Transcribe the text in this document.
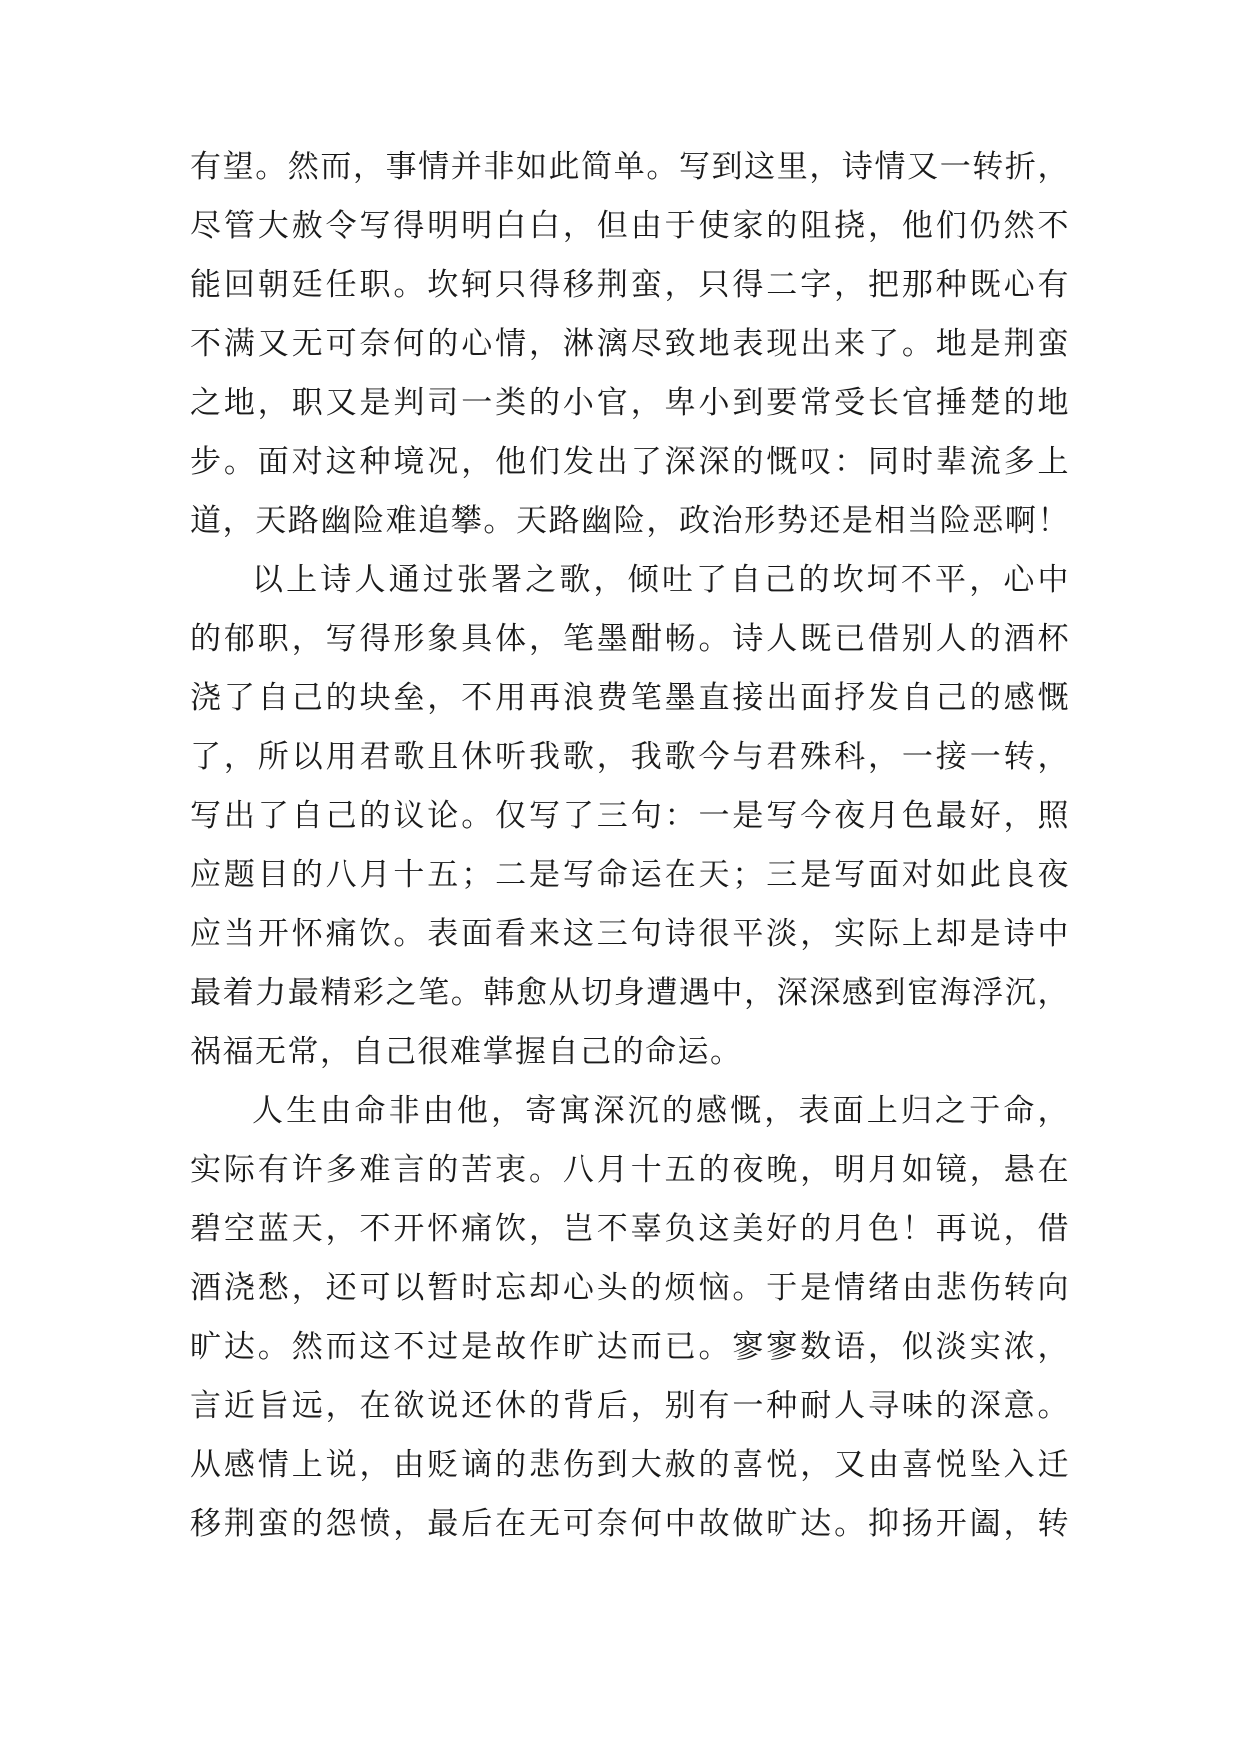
有望。然而，事情并非如此简单。写到这里，诗情又一转折，
尽管大赦令写得明明白白，但由于使家的阻挠，他们仍然不
能回朝廷任职。坎轲只得移荆蛮，只得二字，把那种既心有
不满又无可奈何的心情，淋漓尽致地表现出来了。地是荆蛮
之地，职又是判司一类的小官，卑小到要常受长官捶楚的地
步。面对这种境况，他们发出了深深的慨叹：同时辈流多上
道，天路幽险难追攀。天路幽险，政治形势还是相当险恶啊！

以上诗人通过张署之歌，倾吐了自己的坎坷不平，心中
的郁职，写得形象具体，笔墨酣畅。诗人既已借别人的酒杯
浇了自己的块垒，不用再浪费笔墨直接出面抒发自己的感慨
了，所以用君歌且休听我歌，我歌今与君殊科，一接一转，
写出了自己的议论。仅写了三句：一是写今夜月色最好，照
应题目的八月十五；二是写命运在天；三是写面对如此良夜
应当开怀痛饮。表面看来这三句诗很平淡，实际上却是诗中
最着力最精彩之笔。韩愈从切身遭遇中，深深感到宦海浮沉，
祸福无常，自己很难掌握自己的命运。

人生由命非由他，寄寓深沉的感慨，表面上归之于命，
实际有许多难言的苦衷。八月十五的夜晚，明月如镜，悬在
碧空蓝天，不开怀痛饮，岂不辜负这美好的月色！再说，借
酒浇愁，还可以暂时忘却心头的烦恼。于是情绪由悲伤转向
旷达。然而这不过是故作旷达而已。寥寥数语，似淡实浓，
言近旨远，在欲说还休的背后，别有一种耐人寻味的深意。
从感情上说，由贬谪的悲伤到大赦的喜悦，又由喜悦坠入迁
移荆蛮的怨愤，最后在无可奈何中故做旷达。抑扬开阖，转
